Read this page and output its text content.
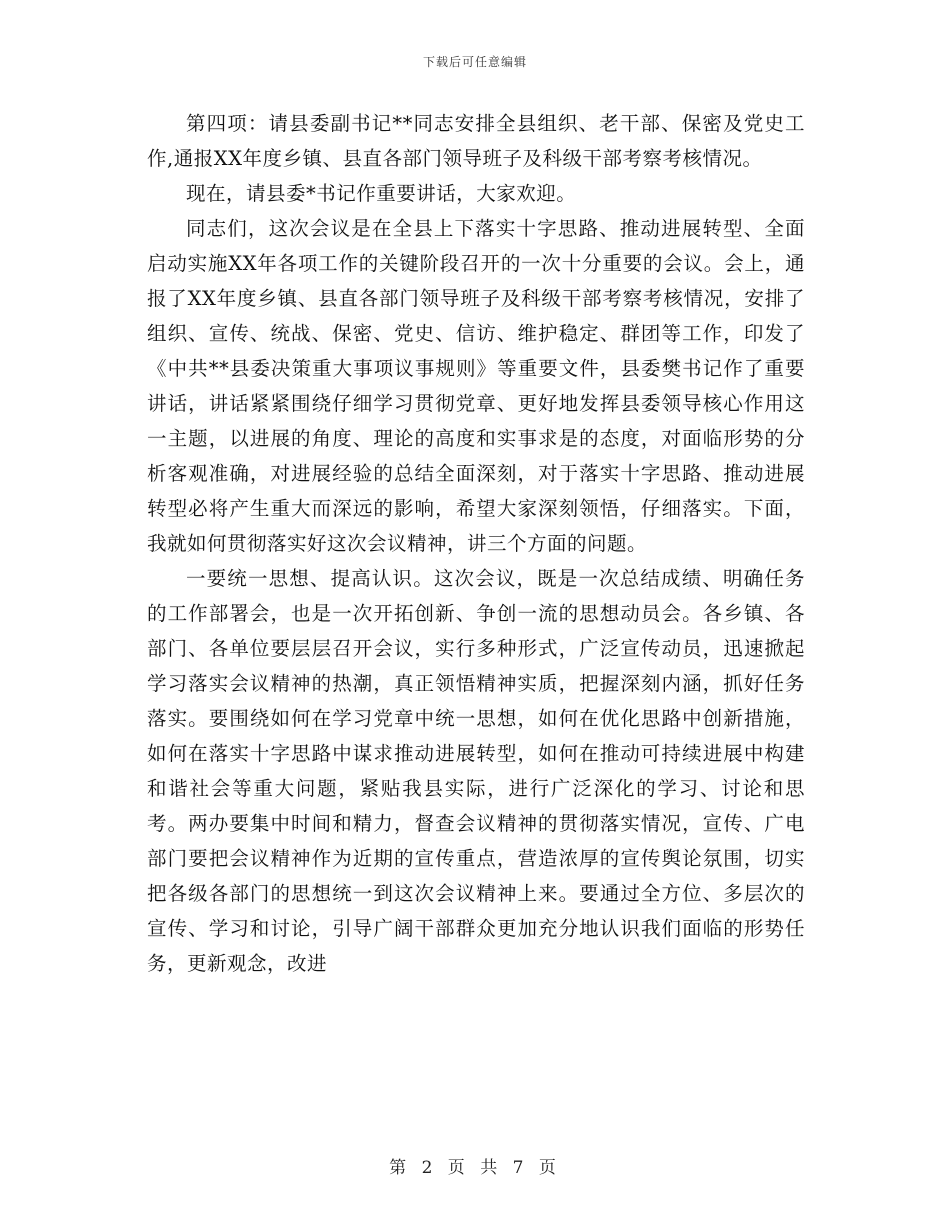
下载后可任意编辑

第四项：请县委副书记**同志安排全县组织、老干部、保密及党史工作,通报XX年度乡镇、县直各部门领导班子及科级干部考察考核情况。

现在，请县委*书记作重要讲话，大家欢迎。

同志们，这次会议是在全县上下落实十字思路、推动进展转型、全面启动实施XX年各项工作的关键阶段召开的一次十分重要的会议。会上，通报了XX年度乡镇、县直各部门领导班子及科级干部考察考核情况，安排了组织、宣传、统战、保密、党史、信访、维护稳定、群团等工作，印发了《中共**县委决策重大事项议事规则》等重要文件，县委樊书记作了重要讲话，讲话紧紧围绕仔细学习贯彻党章、更好地发挥县委领导核心作用这一主题，以进展的角度、理论的高度和实事求是的态度，对面临形势的分析客观准确，对进展经验的总结全面深刻，对于落实十字思路、推动进展转型必将产生重大而深远的影响，希望大家深刻领悟，仔细落实。下面，我就如何贯彻落实好这次会议精神，讲三个方面的问题。

一要统一思想、提高认识。这次会议，既是一次总结成绩、明确任务的工作部署会，也是一次开拓创新、争创一流的思想动员会。各乡镇、各部门、各单位要层层召开会议，实行多种形式，广泛宣传动员，迅速掀起学习落实会议精神的热潮，真正领悟精神实质，把握深刻内涵，抓好任务落实。要围绕如何在学习党章中统一思想，如何在优化思路中创新措施，如何在落实十字思路中谋求推动进展转型，如何在推动可持续进展中构建和谐社会等重大问题，紧贴我县实际，进行广泛深化的学习、讨论和思考。两办要集中时间和精力，督查会议精神的贯彻落实情况，宣传、广电部门要把会议精神作为近期的宣传重点，营造浓厚的宣传舆论氛围，切实把各级各部门的思想统一到这次会议精神上来。要通过全方位、多层次的宣传、学习和讨论，引导广阔干部群众更加充分地认识我们面临的形势任务，更新观念，改进

第 2 页 共 7 页
